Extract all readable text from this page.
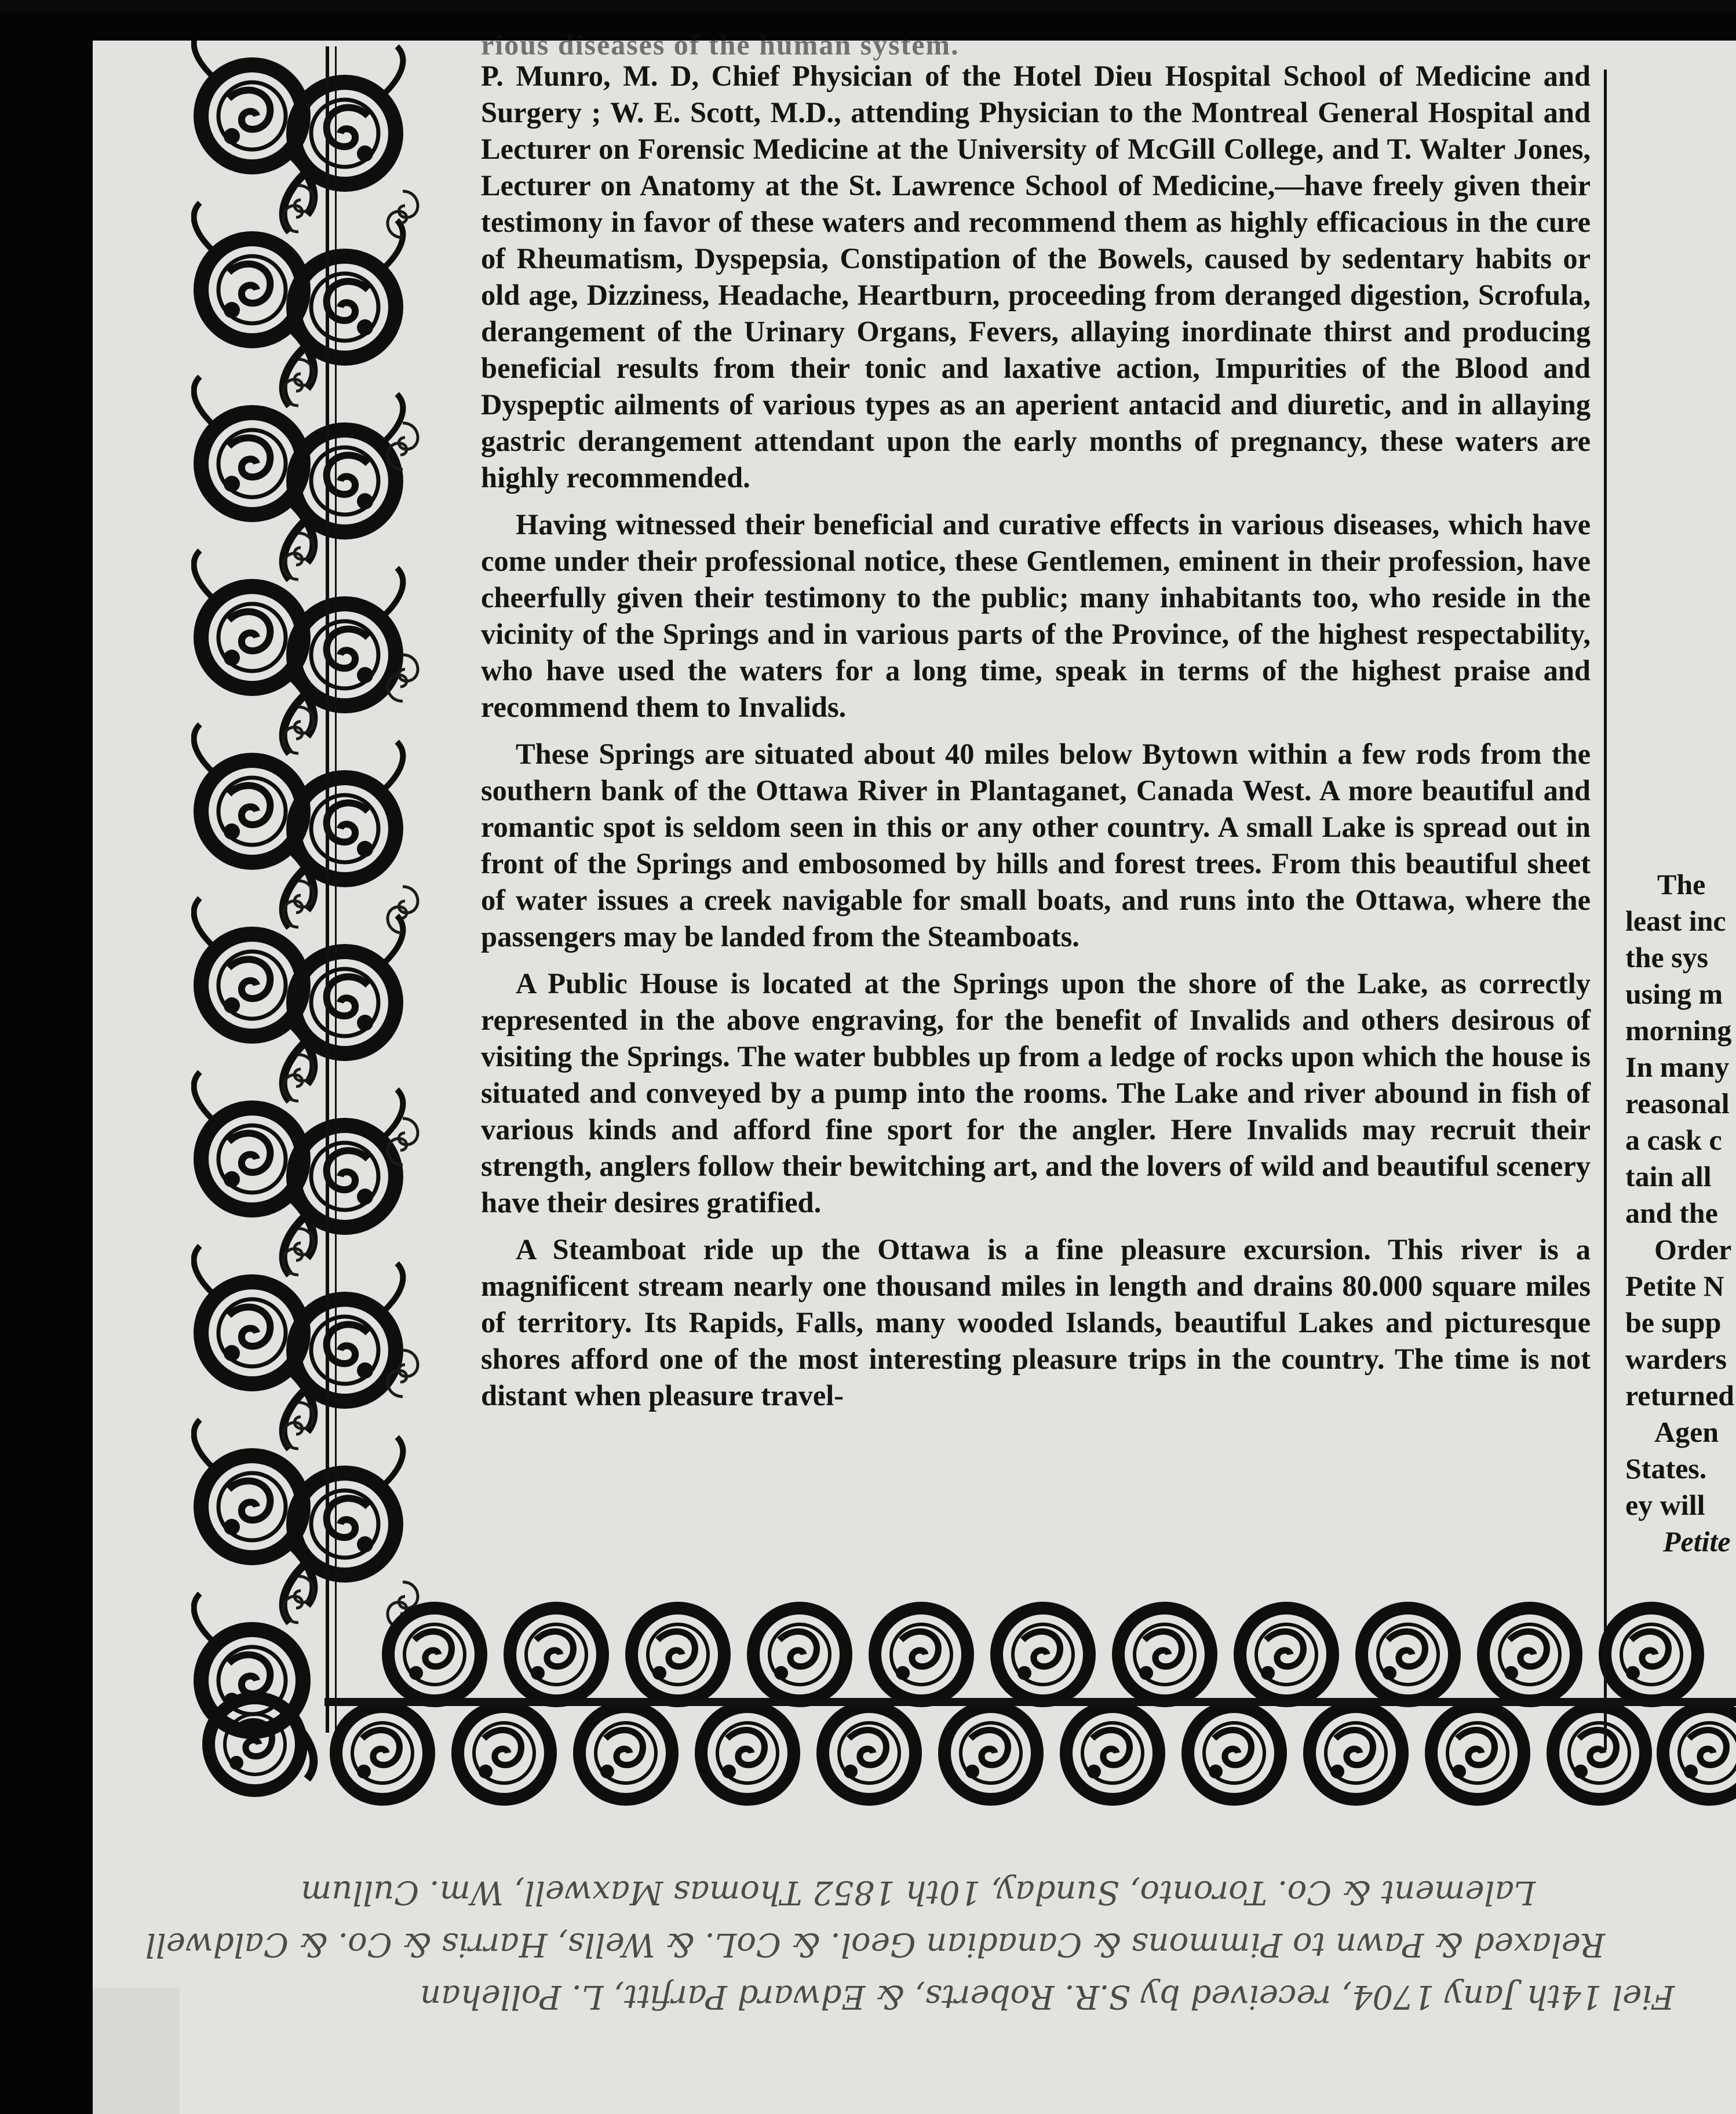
rious diseases of the human system.

P. Munro, M. D, Chief Physician of the Hotel Dieu Hospital School of Medicine and Surgery ; W. E. Scott, M.D., attending Physician to the Montreal General Hospital and Lecturer on Forensic Medicine at the University of McGill College, and T. Walter Jones, Lecturer on Anatomy at the St. Lawrence School of Medicine,—have freely given their testimony in favor of these waters and recommend them as highly efficacious in the cure of Rheumatism, Dyspepsia, Constipation of the Bowels, caused by sedentary habits or old age, Dizziness, Headache, Heartburn, proceeding from deranged digestion, Scrofula, derangement of the Urinary Organs, Fevers, allaying inordinate thirst and producing beneficial results from their tonic and laxative action, Impurities of the Blood and Dyspeptic ailments of various types as an aperient antacid and diuretic, and in allaying gastric derangement attendant upon the early months of pregnancy, these waters are highly recommended.

Having witnessed their beneficial and curative effects in various diseases, which have come under their professional notice, these Gentlemen, eminent in their profession, have cheerfully given their testimony to the public; many inhabitants too, who reside in the vicinity of the Springs and in various parts of the Province, of the highest respectability, who have used the waters for a long time, speak in terms of the highest praise and recommend them to Invalids.

These Springs are situated about 40 miles below Bytown within a few rods from the southern bank of the Ottawa River in Plantaganet, Canada West. A more beautiful and romantic spot is seldom seen in this or any other country. A small Lake is spread out in front of the Springs and embosomed by hills and forest trees. From this beautiful sheet of water issues a creek navigable for small boats, and runs into the Ottawa, where the passengers may be landed from the Steamboats.

A Public House is located at the Springs upon the shore of the Lake, as correctly represented in the above engraving, for the benefit of Invalids and others desirous of visiting the Springs. The water bubbles up from a ledge of rocks upon which the house is situated and conveyed by a pump into the rooms. The Lake and river abound in fish of various kinds and afford fine sport for the angler. Here Invalids may recruit their strength, anglers follow their bewitching art, and the lovers of wild and beautiful scenery have their desires gratified.

A Steamboat ride up the Ottawa is a fine pleasure excursion. This river is a magnificent stream nearly one thousand miles in length and drains 80.000 square miles of territory. Its Rapids, Falls, many wooded Islands, beautiful Lakes and picturesque shores afford one of the most interesting pleasure trips in the country. The time is not distant when pleasure travel-

The
least inc
the sys
using m
morning
In many
reasonal
a cask c
tain all
and the
Order
Petite N
be supp
warders
returned
Agen
States.
ey will
Petite
Fiel 14th Jany 1704, received by S.R. Roberts, & Edward Parfitt, L. Pollehan
Relaxed & Pawn to Pimmons & Canadian Geol. & CoL. & Wells, Harris & Co. & Caldwell
Lalement & Co. Toronto, Sunday, 10th 1852 Thomas Maxwell, Wm. Cullum
